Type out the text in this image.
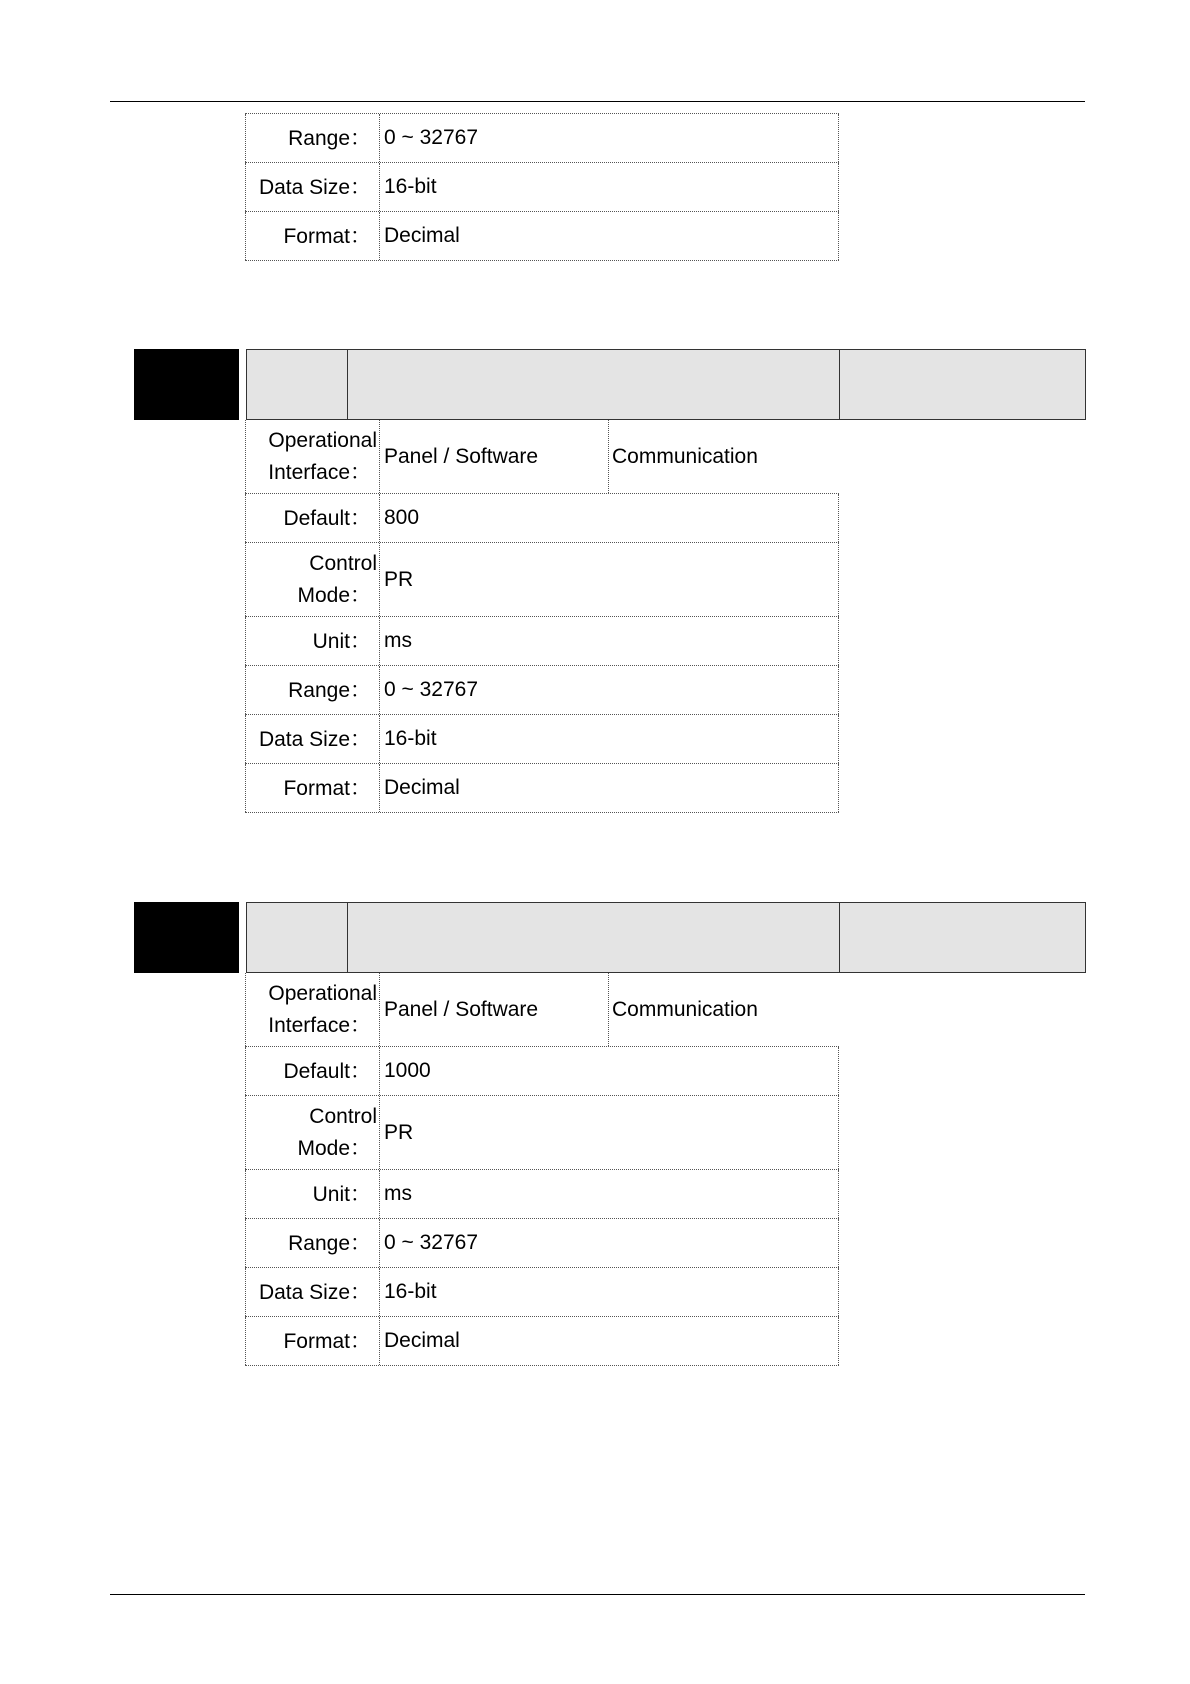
Range： 0 ~ 32767
Data Size： 16-bit
Format： Decimal
Operational
Interface：
Panel / Software	Communication
Default： 800
Control
Mode：
PR
Unit： ms
Range： 0 ~ 32767
Data Size： 16-bit
Format： Decimal
Operational
Interface：
Panel / Software	Communication
Default： 1000
Control
Mode：
PR
Unit： ms
Range： 0 ~ 32767
Data Size： 16-bit
Format： Decimal
